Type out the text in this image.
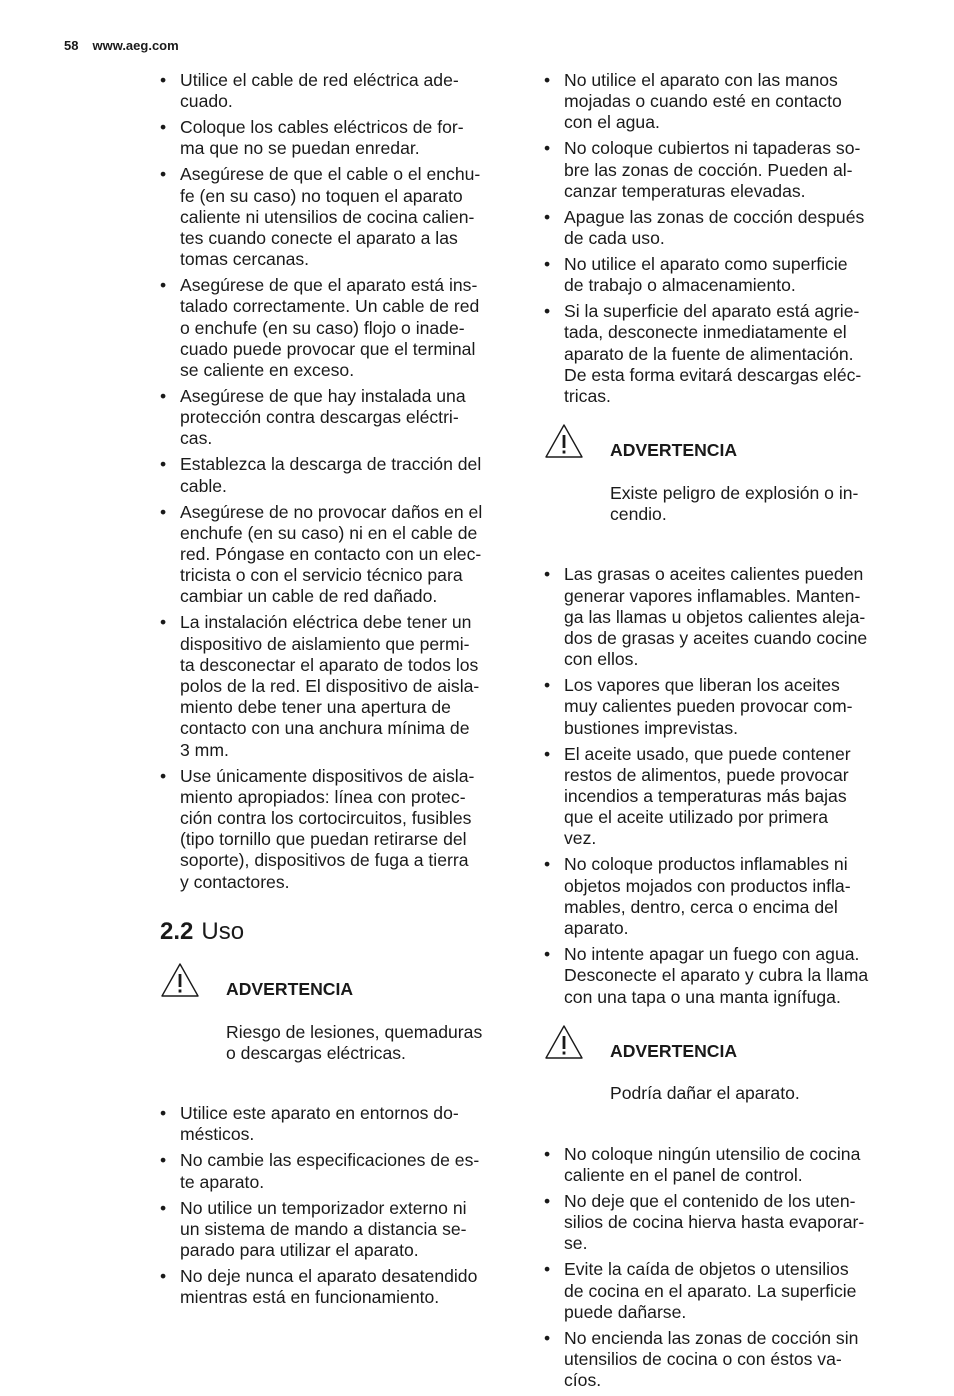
58 www.aeg.com
• Utilice el cable de red eléctrica ade-
cuado.
• Coloque los cables eléctricos de for-
ma que no se puedan enredar.
• Asegúrese de que el cable o el enchu-
fe (en su caso) no toquen el aparato
caliente ni utensilios de cocina calien-
tes cuando conecte el aparato a las
tomas cercanas.
• Asegúrese de que el aparato está ins-
talado correctamente. Un cable de red
o enchufe (en su caso) flojo o inade-
cuado puede provocar que el terminal
se caliente en exceso.
• Asegúrese de que hay instalada una
protección contra descargas eléctri-
cas.
• Establezca la descarga de tracción del
cable.
• Asegúrese de no provocar daños en el
enchufe (en su caso) ni en el cable de
red. Póngase en contacto con un elec-
tricista o con el servicio técnico para
cambiar un cable de red dañado.
• La instalación eléctrica debe tener un
dispositivo de aislamiento que permi-
ta desconectar el aparato de todos los
polos de la red. El dispositivo de aisla-
miento debe tener una apertura de
contacto con una anchura mínima de
3 mm.
• Use únicamente dispositivos de aisla-
miento apropiados: línea con protec-
ción contra los cortocircuitos, fusibles
(tipo tornillo que puedan retirarse del
soporte), dispositivos de fuga a tierra
y contactores.
2.2 Uso

ADVERTENCIA

Riesgo de lesiones, quemaduras
o descargas eléctricas.

• Utilice este aparato en entornos do-
mésticos.
• No cambie las especificaciones de es-
te aparato.
• No utilice un temporizador externo ni
un sistema de mando a distancia se-
parado para utilizar el aparato.
• No deje nunca el aparato desatendido
mientras está en funcionamiento.
• No utilice el aparato con las manos
mojadas o cuando esté en contacto
con el agua.
• No coloque cubiertos ni tapaderas so-
bre las zonas de cocción. Pueden al-
canzar temperaturas elevadas.
• Apague las zonas de cocción después
de cada uso.
• No utilice el aparato como superficie
de trabajo o almacenamiento.
• Si la superficie del aparato está agrie-
tada, desconecte inmediatamente el
aparato de la fuente de alimentación.
De esta forma evitará descargas eléc-
tricas.

ADVERTENCIA

Existe peligro de explosión o in-
cendio.

• Las grasas o aceites calientes pueden
generar vapores inflamables. Manten-
ga las llamas u objetos calientes aleja-
dos de grasas y aceites cuando cocine
con ellos.
• Los vapores que liberan los aceites
muy calientes pueden provocar com-
bustiones imprevistas.
• El aceite usado, que puede contener
restos de alimentos, puede provocar
incendios a temperaturas más bajas
que el aceite utilizado por primera
vez.
• No coloque productos inflamables ni
objetos mojados con productos infla-
mables, dentro, cerca o encima del
aparato.
• No intente apagar un fuego con agua.
Desconecte el aparato y cubra la llama
con una tapa o una manta ignífuga.

ADVERTENCIA

Podría dañar el aparato.

• No coloque ningún utensilio de cocina
caliente en el panel de control.
• No deje que el contenido de los uten-
silios de cocina hierva hasta evaporar-
se.
• Evite la caída de objetos o utensilios
de cocina en el aparato. La superficie
puede dañarse.
• No encienda las zonas de cocción sin
utensilios de cocina o con éstos va-
cíos.
